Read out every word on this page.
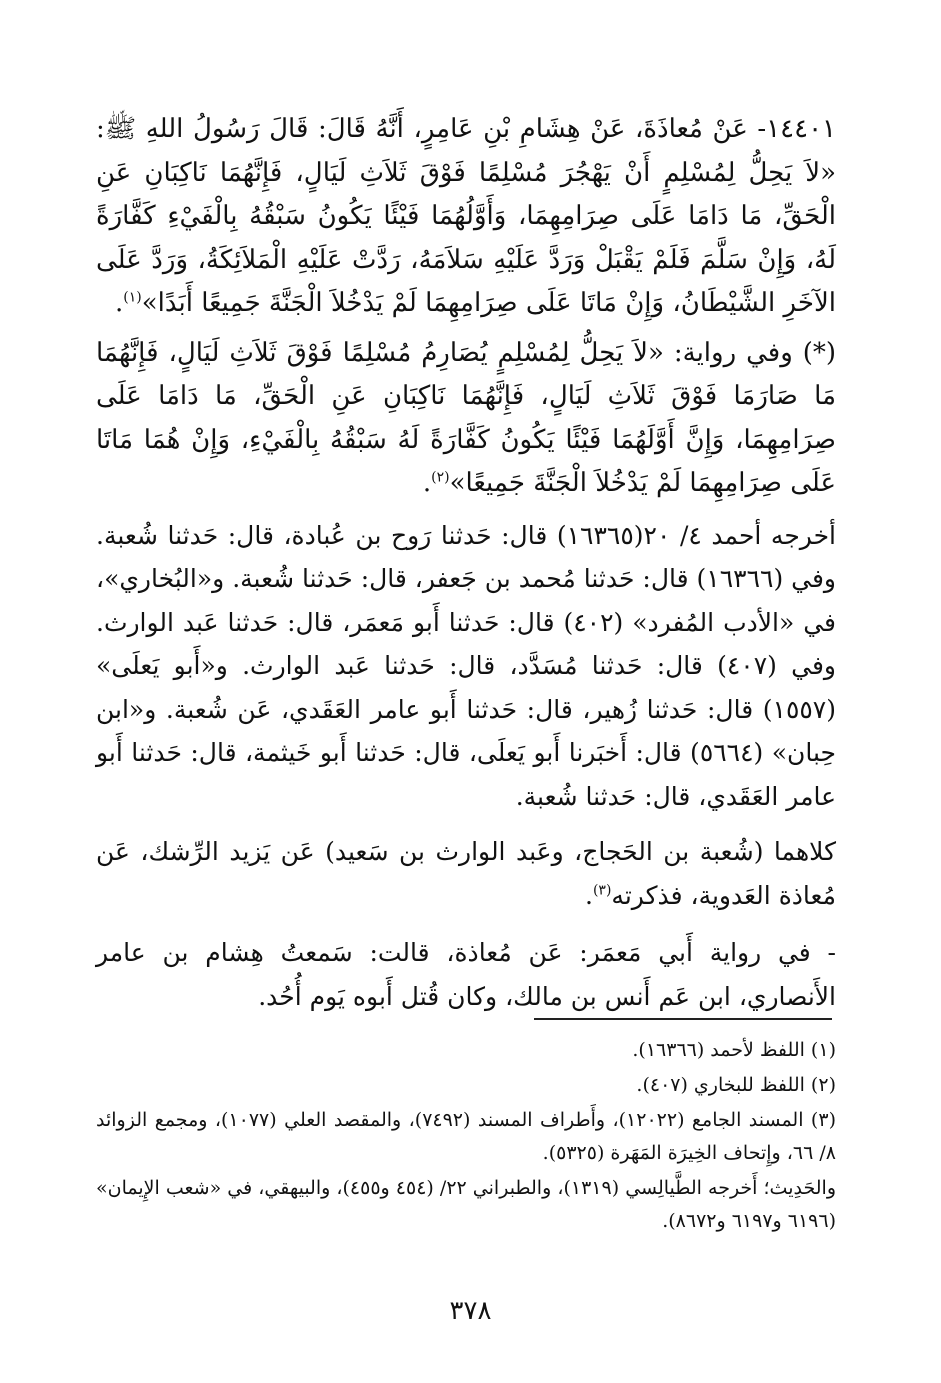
١٤٤٠١- عَنْ مُعاذَةَ، عَنْ هِشَامِ بْنِ عَامِرٍ، أَنَّهُ قَالَ: قَالَ رَسُولُ اللهِ ﷺ: «لاَ يَحِلُّ لِمُسْلِمٍ أَنْ يَهْجُرَ مُسْلِمًا فَوْقَ ثَلاَثِ لَيَالٍ، فَإِنَّهُمَا نَاكِبَانِ عَنِ الْحَقِّ، مَا دَامَا عَلَى صِرَامِهِمَا، وَأَوَّلُهُمَا فَيْئًا يَكُونُ سَبْقُهُ بِالْفَيْءِ كَفَّارَةً لَهُ، وَإِنْ سَلَّمَ فَلَمْ يَقْبَلْ وَرَدَّ عَلَيْهِ سَلاَمَهُ، رَدَّتْ عَلَيْهِ الْمَلاَئِكَةُ، وَرَدَّ عَلَى الآخَرِ الشَّيْطَانُ، وَإِنْ مَاتَا عَلَى صِرَامِهِمَا لَمْ يَدْخُلاَ الْجَنَّةَ جَمِيعًا أَبَدًا»$^{(١)}$.

(*) وفي رواية: «لاَ يَحِلُّ لِمُسْلِمٍ يُصَارِمُ مُسْلِمًا فَوْقَ ثَلاَثِ لَيَالٍ، فَإِنَّهُمَا مَا صَارَمَا فَوْقَ ثَلاَثِ لَيَالٍ، فَإِنَّهُمَا نَاكِبَانِ عَنِ الْحَقِّ، مَا دَامَا عَلَى صِرَامِهِمَا، وَإِنَّ أَوَّلَهُمَا فَيْئًا يَكُونُ كَفَّارَةً لَهُ سَبْقُهُ بِالْفَيْءِ، وَإِنْ هُمَا مَاتَا عَلَى صِرَامِهِمَا لَمْ يَدْخُلاَ الْجَنَّةَ جَمِيعًا»$^{(٢)}$.

أخرجه أحمد ٤/ ٢٠(١٦٣٦٥) قال: حَدثنا رَوح بن عُبادة، قال: حَدثنا شُعبة. وفي (١٦٣٦٦) قال: حَدثنا مُحمد بن جَعفر، قال: حَدثنا شُعبة. و«البُخاري»، في «الأدب المُفرد» (٤٠٢) قال: حَدثنا أَبو مَعمَر، قال: حَدثنا عَبد الوارث. وفي (٤٠٧) قال: حَدثنا مُسَدَّد، قال: حَدثنا عَبد الوارث. و«أَبو يَعلَى» (١٥٥٧) قال: حَدثنا زُهير، قال: حَدثنا أَبو عامر العَقَدي، عَن شُعبة. و«ابن حِبان» (٥٦٦٤) قال: أَخبَرنا أَبو يَعلَى، قال: حَدثنا أَبو خَيثمة، قال: حَدثنا أَبو عامر العَقَدي، قال: حَدثنا شُعبة.

كلاهما (شُعبة بن الحَجاج، وعَبد الوارث بن سَعيد) عَن يَزيد الرِّشك، عَن مُعاذة العَدوية، فذكرته$^{(٣)}$.

- في رواية أَبي مَعمَر: عَن مُعاذة، قالت: سَمعتُ هِشام بن عامر الأَنصاري، ابن عَم أَنس بن مالك، وكان قُتل أَبوه يَوم أُحُد.

(١) اللفظ لأحمد (١٦٣٦٦).

(٢) اللفظ للبخاري (٤٠٧).

(٣) المسند الجامع (١٢٠٢٢)، وأَطراف المسند (٧٤٩٢)، والمقصد العلي (١٠٧٧)، ومجمع الزوائد ٨/ ٦٦، وإِتحاف الخِيرَة المَهَرة (٥٣٢٥).

والحَدِيث؛ أَخرجه الطَّيالِسي (١٣١٩)، والطبراني ٢٢/ (٤٥٤ و٤٥٥)، والبيهقي، في «شعب الإِيمان» (٦١٩٦ و٦١٩٧ و٨٦٧٢).

٣٧٨
